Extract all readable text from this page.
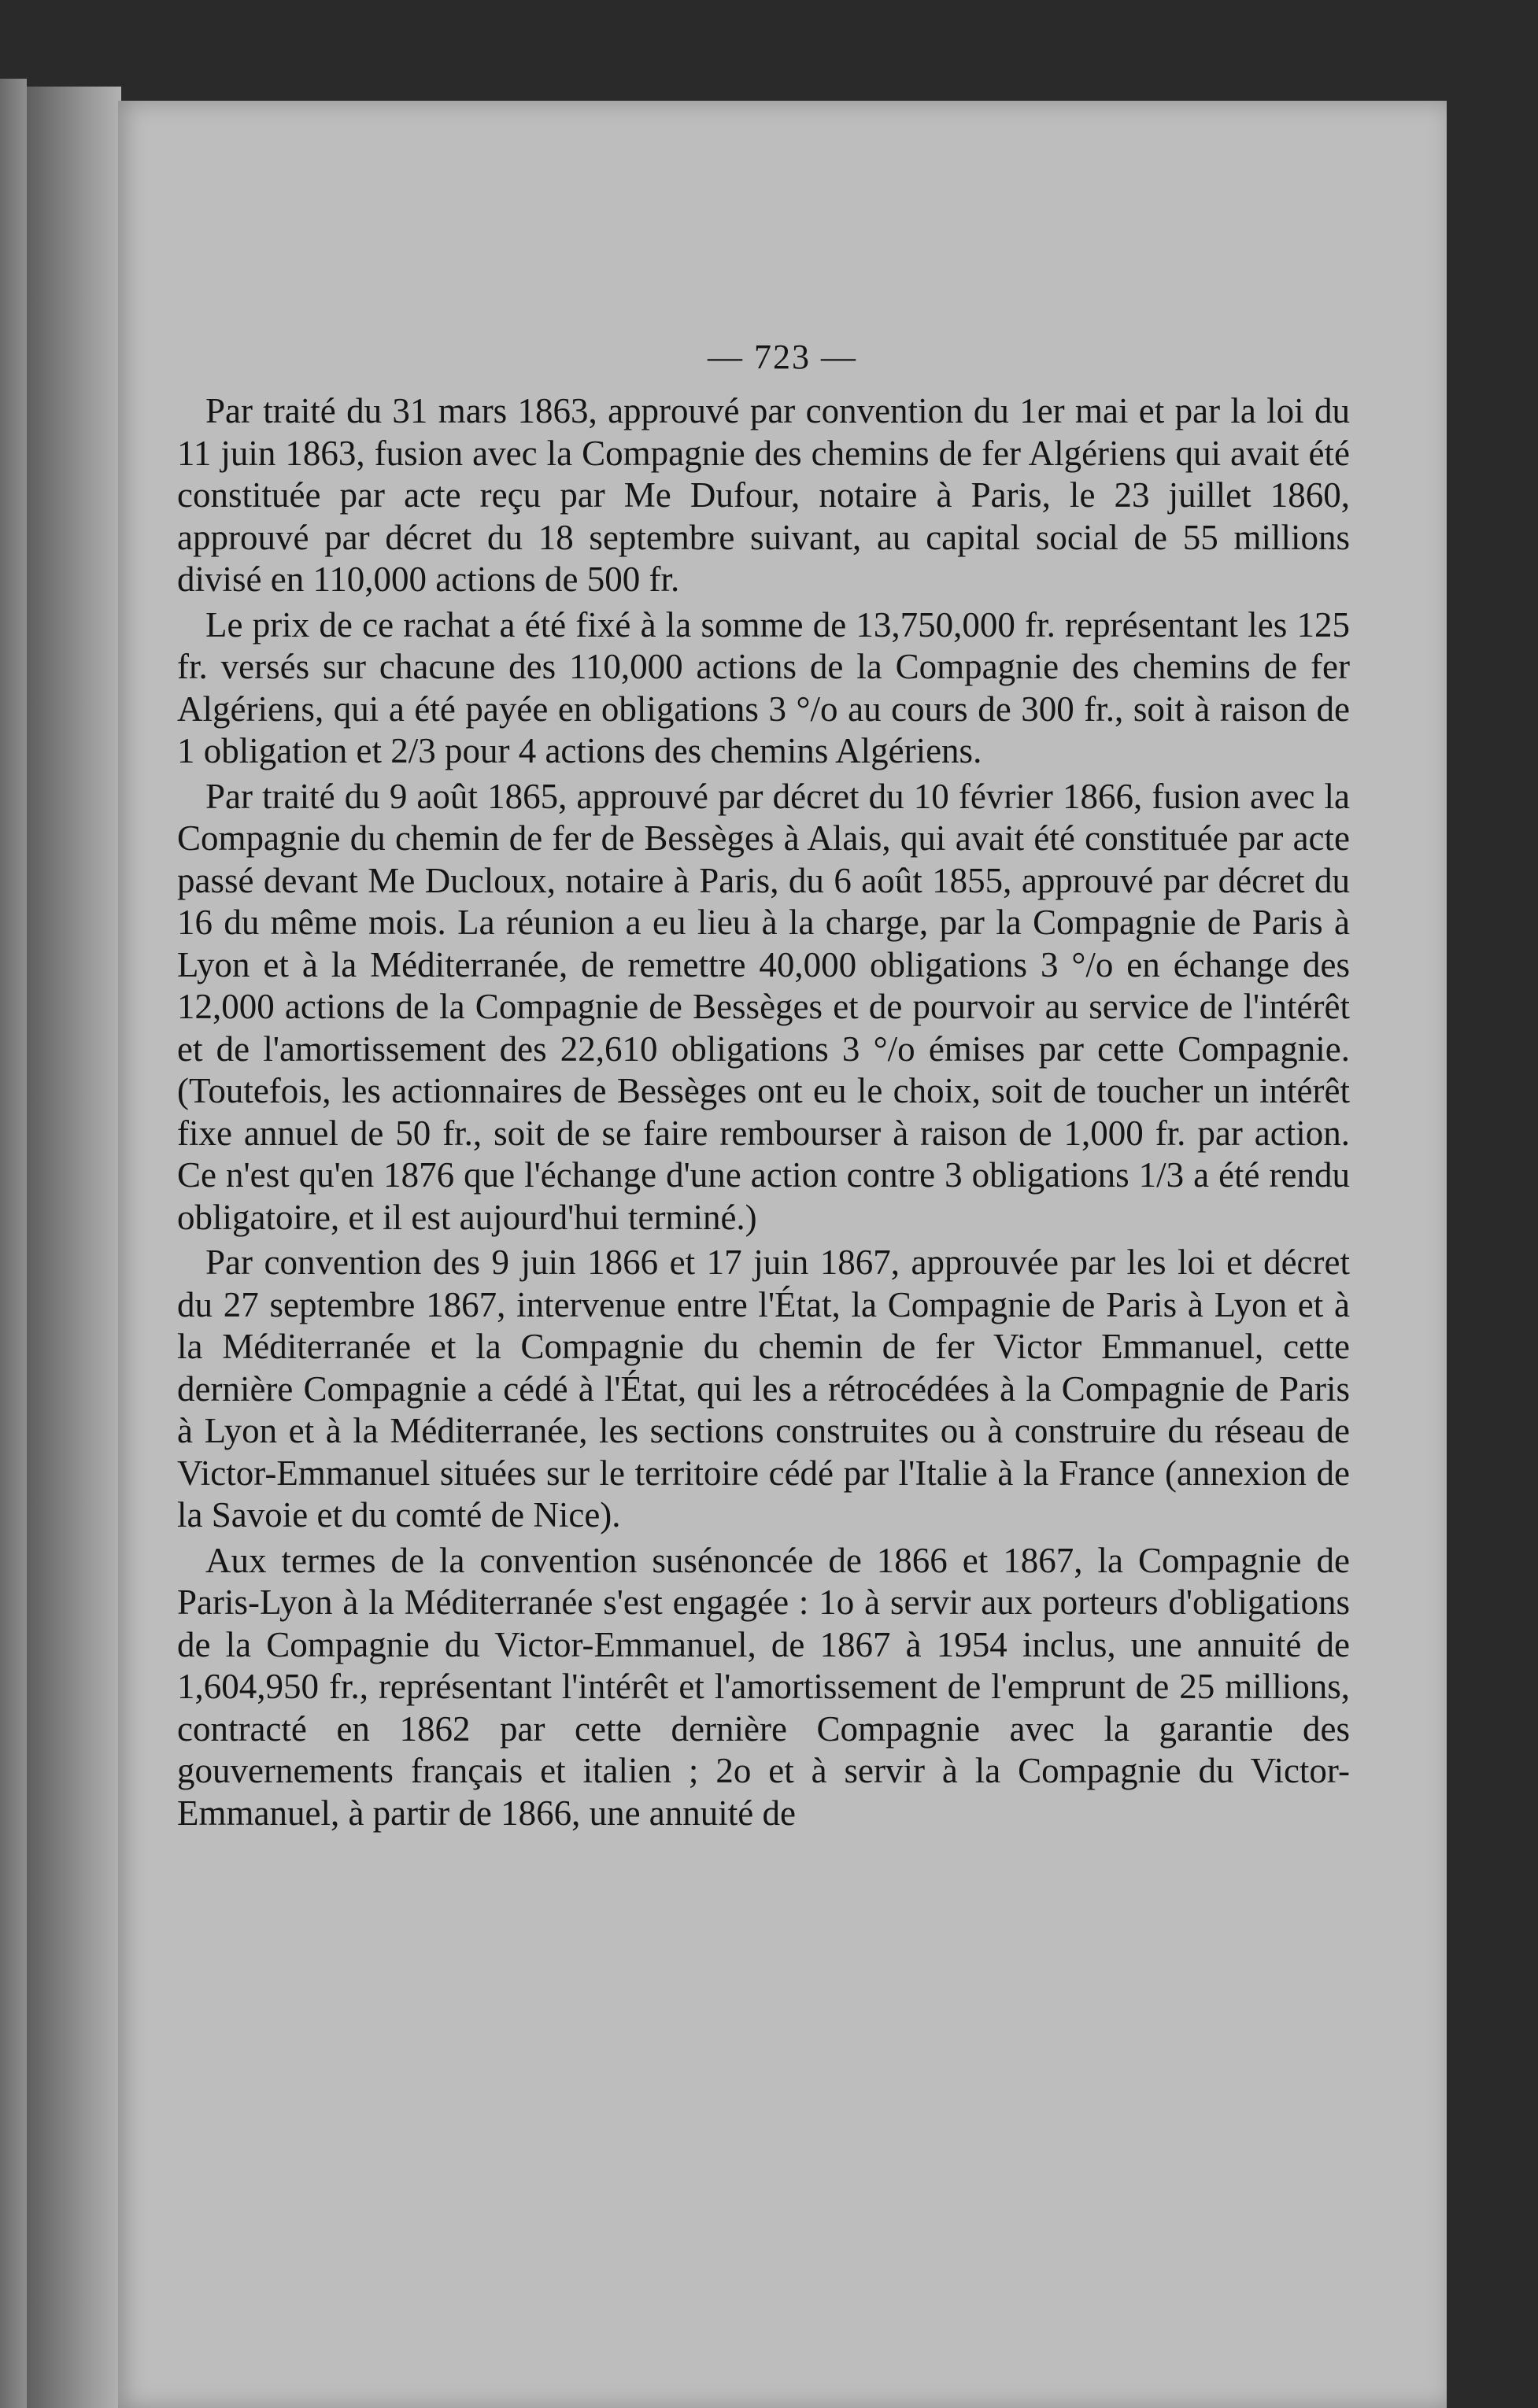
— 723 —

Par traité du 31 mars 1863, approuvé par convention du 1er mai et par la loi du 11 juin 1863, fusion avec la Compagnie des chemins de fer Algériens qui avait été constituée par acte reçu par Me Dufour, notaire à Paris, le 23 juillet 1860, approuvé par décret du 18 septembre suivant, au capital social de 55 millions divisé en 110,000 actions de 500 fr.

Le prix de ce rachat a été fixé à la somme de 13,750,000 fr. représentant les 125 fr. versés sur chacune des 110,000 actions de la Compagnie des chemins de fer Algériens, qui a été payée en obligations 3 °/o au cours de 300 fr., soit à raison de 1 obligation et 2/3 pour 4 actions des chemins Algériens.

Par traité du 9 août 1865, approuvé par décret du 10 février 1866, fusion avec la Compagnie du chemin de fer de Bessèges à Alais, qui avait été constituée par acte passé devant Me Ducloux, notaire à Paris, du 6 août 1855, approuvé par décret du 16 du même mois. La réunion a eu lieu à la charge, par la Compagnie de Paris à Lyon et à la Méditerranée, de remettre 40,000 obligations 3 °/o en échange des 12,000 actions de la Compagnie de Bessèges et de pourvoir au service de l'intérêt et de l'amortissement des 22,610 obligations 3 °/o émises par cette Compagnie. (Toutefois, les actionnaires de Bessèges ont eu le choix, soit de toucher un intérêt fixe annuel de 50 fr., soit de se faire rembourser à raison de 1,000 fr. par action. Ce n'est qu'en 1876 que l'échange d'une action contre 3 obligations 1/3 a été rendu obligatoire, et il est aujourd'hui terminé.)

Par convention des 9 juin 1866 et 17 juin 1867, approuvée par les loi et décret du 27 septembre 1867, intervenue entre l'État, la Compagnie de Paris à Lyon et à la Méditerranée et la Compagnie du chemin de fer Victor Emmanuel, cette dernière Compagnie a cédé à l'État, qui les a rétrocédées à la Compagnie de Paris à Lyon et à la Méditerranée, les sections construites ou à construire du réseau de Victor-Emmanuel situées sur le territoire cédé par l'Italie à la France (annexion de la Savoie et du comté de Nice).

Aux termes de la convention susénoncée de 1866 et 1867, la Compagnie de Paris-Lyon à la Méditerranée s'est engagée : 1o à servir aux porteurs d'obligations de la Compagnie du Victor-Emmanuel, de 1867 à 1954 inclus, une annuité de 1,604,950 fr., représentant l'intérêt et l'amortissement de l'emprunt de 25 millions, contracté en 1862 par cette dernière Compagnie avec la garantie des gouvernements français et italien ; 2o et à servir à la Compagnie du Victor-Emmanuel, à partir de 1866, une annuité de
